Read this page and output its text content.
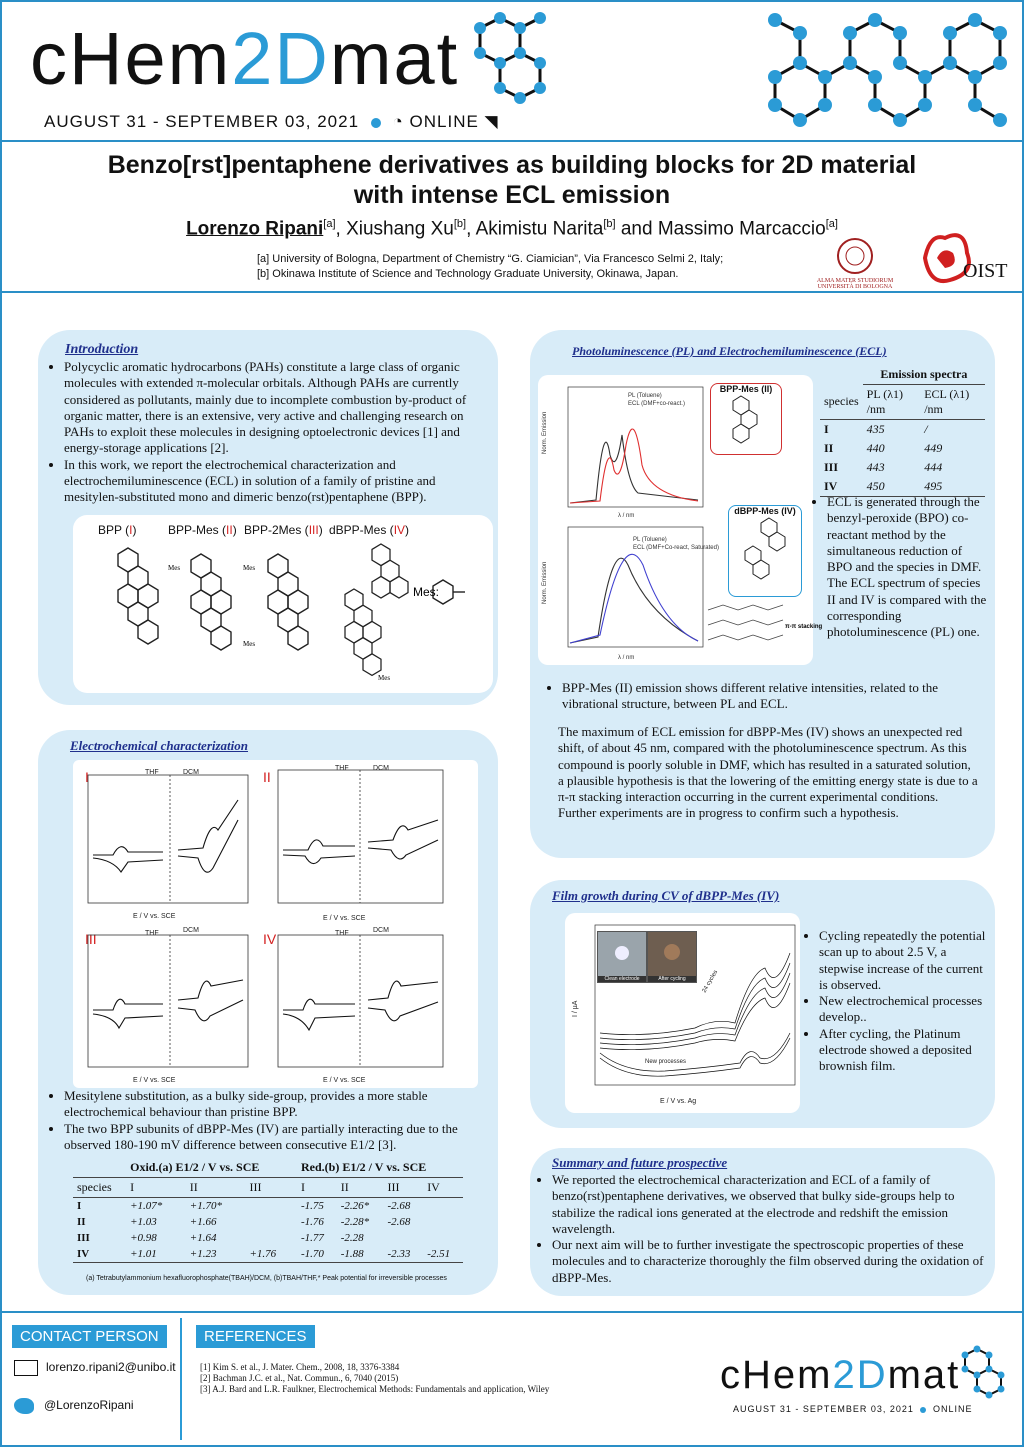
cHem2Dmat
AUGUST 31 - SEPTEMBER 03, 2021 ◔ ONLINE ◥
Benzo[rst]pentaphene derivatives as building blocks for 2D material
with intense ECL emission
Lorenzo Ripani[a], Xiushang Xu[b], Akimistu Narita[b] and Massimo Marcaccio[a]
[a] University of Bologna, Department of Chemistry “G. Ciamician”, Via Francesco Selmi 2, Italy;
[b] Okinawa Institute of Science and Technology Graduate University, Okinawa, Japan.
ALMA MATER STUDIORUM UNIVERSITÀ DI BOLOGNA
OIST
Introduction
• Polycyclic aromatic hydrocarbons (PAHs) constitute a large class of organic molecules with extended π-molecular orbitals. Although PAHs are currently considered as pollutants, mainly due to incomplete combustion by-product of organic matter, there is an extensive, very active and challenging research on PAHs to exploit these molecules in designing optoelectronic devices [1] and energy-storage applications [2].
• In this work, we report the electrochemical characterization and electrochemiluminescence (ECL) in solution of a family of pristine and mesitylen-substituted mono and dimeric benzo(rst)pentaphene (BPP).
BPP (I)	BPP-Mes (II) BPP-2Mes (III) dBPP-Mes (IV)
Mes:
Mes	Mes
Mes
Mes
Electrochemical characterization
I	II
III	IV
THF	DCM
THF	DCM
THF	DCM	THF	DCM
E / V vs. SCE	E / V vs. SCE
E / V vs. SCE	E / V vs. SCE
• Mesitylene substitution, as a bulky side-group, provides a more stable electrochemical behaviour than pristine BPP.
• The two BPP subunits of dBPP-Mes (IV) are partially interacting due to the observed 180-190 mV difference between consecutive E1/2 [3].
	Oxid.(a) E1/2 / V vs. SCE			Red.(b) E1/2 / V vs. SCE			
species	I	II	III	I	II	III	IV
I	+1.07*	+1.70*		-1.75	-2.26*	-2.68	
II	+1.03	+1.66		-1.76	-2.28*	-2.68	
III	+0.98	+1.64		-1.77	-2.28		
IV	+1.01	+1.23	+1.76	-1.70	-1.88	-2.33	-2.51
(a) Tetrabutylammonium hexafluorophosphate(TBAH)/DCM, (b)TBAH/THF,* Peak potential for irreversible processes
Photoluminescence (PL) and Electrochemiluminescence (ECL)
PL (Toluene)
ECL (DMF+co-react.)
PL (Toluene)
ECL (DMF+Co-react, Saturated)
λ / nm
λ / nm
Norm. Emission
Norm. Emission
BPP-Mes (II)
dBPP-Mes (IV)
π-π stacking
	Emission spectra	
species	PL (λ1) /nm	ECL (λ1) /nm
I	435	/
II	440	449
III	443	444
IV	450	495
• ECL is generated through the benzyl-peroxide (BPO) co-reactant method by the simultaneous reduction of BPO and the species in DMF. The ECL spectrum of species II and IV is compared with the corresponding photoluminescence (PL) one.
• BPP-Mes (II) emission shows different relative intensities, related to the vibrational structure, between PL and ECL.
The maximum of ECL emission for dBPP-Mes (IV) shows an unexpected red shift, of about 45 nm, compared with the photoluminescence spectrum. As this compound is poorly soluble in DMF, which has resulted in a saturated solution, a plausible hypothesis is that the lowering of the emitting energy state is due to a π-π stacking interaction occurring in the current experimental conditions. Further experiments are in progress to confirm such a hypothesis.
Film growth during CV of dBPP-Mes (IV)
24 cycles
New processes
E / V vs. Ag
I / µA
Clean electrode	After cycling
• Cycling repeatedly the potential scan up to about 2.5 V, a stepwise increase of the current is observed.
• New electrochemical processes develop..
• After cycling, the Platinum electrode showed a deposited brownish film.
Summary and future prospective
• We reported the electrochemical characterization and ECL of a family of benzo(rst)pentaphene derivatives, we observed that bulky side-groups help to stabilize the radical ions generated at the electrode and redshift the emission wavelength.
• Our next aim will be to further investigate the spectroscopic properties of these molecules and to characterize thoroughly the film observed during the oxidation of dBPP-Mes.
CONTACT PERSON
lorenzo.ripani2@unibo.it
@LorenzoRipani
REFERENCES
[1] Kim S. et al., J. Mater. Chem., 2008, 18, 3376-3384
[2] Bachman J.C. et al., Nat. Commun., 6, 7040 (2015)
[3] A.J. Bard and L.R. Faulkner, Electrochemical Methods: Fundamentals and application, Wiley	cHem2Dmat
AUGUST 31 - SEPTEMBER 03, 2021 ONLINE
